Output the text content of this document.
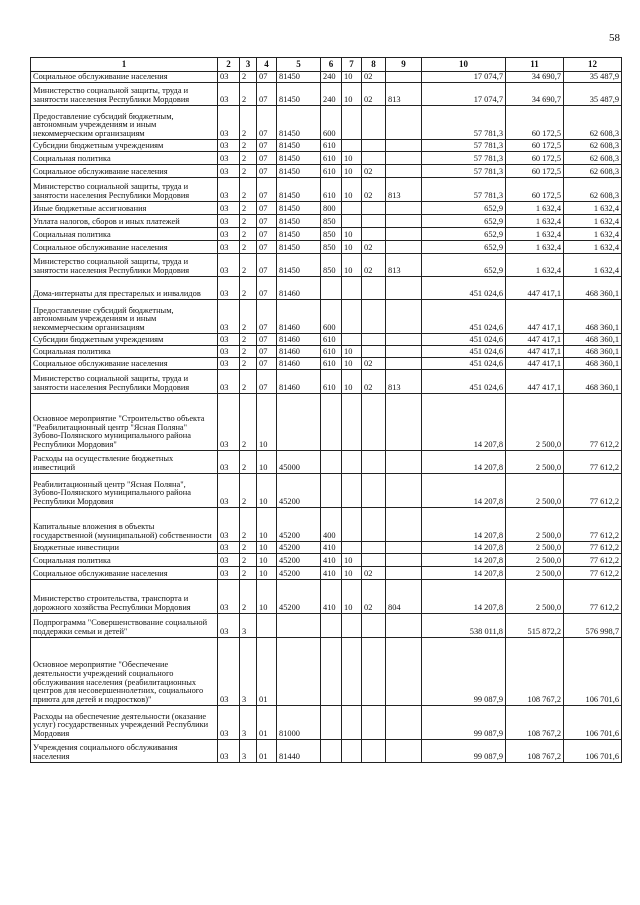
58
1	2	3	4	5	6	7	8	9	10	11	12
Социальное обслуживание населения	03	2	07	81450	240	10	02		17 074,7	34 690,7	35 487,9
Министерство социальной защиты, труда и занятости населения Республики Мордовия	03	2	07	81450	240	10	02	813	17 074,7	34 690,7	35 487,9
Предоставление субсидий бюджетным, автономным учреждениям и иным некоммерческим организациям	03	2	07	81450	600				57 781,3	60 172,5	62 608,3
Субсидии бюджетным учреждениям	03	2	07	81450	610				57 781,3	60 172,5	62 608,3
Социальная политика	03	2	07	81450	610	10			57 781,3	60 172,5	62 608,3
Социальное обслуживание населения	03	2	07	81450	610	10	02		57 781,3	60 172,5	62 608,3
Министерство социальной защиты, труда и занятости населения Республики Мордовия	03	2	07	81450	610	10	02	813	57 781,3	60 172,5	62 608,3
Иные бюджетные ассигнования	03	2	07	81450	800				652,9	1 632,4	1 632,4
Уплата налогов, сборов и иных платежей	03	2	07	81450	850				652,9	1 632,4	1 632,4
Социальная политика	03	2	07	81450	850	10			652,9	1 632,4	1 632,4
Социальное обслуживание населения	03	2	07	81450	850	10	02		652,9	1 632,4	1 632,4
Министерство социальной защиты, труда и занятости населения Республики Мордовия	03	2	07	81450	850	10	02	813	652,9	1 632,4	1 632,4
Дома-интернаты для престарелых и инвалидов	03	2	07	81460					451 024,6	447 417,1	468 360,1
Предоставление субсидий бюджетным, автономным учреждениям и иным некоммерческим организациям	03	2	07	81460	600				451 024,6	447 417,1	468 360,1
Субсидии бюджетным учреждениям	03	2	07	81460	610				451 024,6	447 417,1	468 360,1
Социальная политика	03	2	07	81460	610	10			451 024,6	447 417,1	468 360,1
Социальное обслуживание населения	03	2	07	81460	610	10	02		451 024,6	447 417,1	468 360,1
Министерство социальной защиты, труда и занятости населения Республики Мордовия	03	2	07	81460	610	10	02	813	451 024,6	447 417,1	468 360,1
Основное мероприятие "Строительство объекта "Реабилитационный центр "Ясная Поляна" Зубово-Полянского муниципального района Республики Мордовия"	03	2	10						14 207,8	2 500,0	77 612,2
Расходы на осуществление бюджетных инвестиций	03	2	10	45000					14 207,8	2 500,0	77 612,2
Реабилитационный центр "Ясная Поляна", Зубово-Полянского муниципального района Республики Мордовия	03	2	10	45200					14 207,8	2 500,0	77 612,2
Капитальные вложения в объекты государственной (муниципальной) собственности	03	2	10	45200	400				14 207,8	2 500,0	77 612,2
Бюджетные инвестиции	03	2	10	45200	410				14 207,8	2 500,0	77 612,2
Социальная политика	03	2	10	45200	410	10			14 207,8	2 500,0	77 612,2
Социальное обслуживание населения	03	2	10	45200	410	10	02		14 207,8	2 500,0	77 612,2
Министерство строительства, транспорта и дорожного хозяйства Республики Мордовия	03	2	10	45200	410	10	02	804	14 207,8	2 500,0	77 612,2
Подпрограмма "Совершенствование социальной поддержки семьи и детей"	03	3							538 011,8	515 872,2	576 998,7
Основное мероприятие "Обеспечение деятельности учреждений социального обслуживания населения (реабилитационных центров для несовершеннолетних, социального приюта для детей и подростков)"	03	3	01						99 087,9	108 767,2	106 701,6
Расходы на обеспечение деятельности (оказание услуг) государственных учреждений Республики Мордовия	03	3	01	81000					99 087,9	108 767,2	106 701,6
Учреждения социального обслуживания населения	03	3	01	81440					99 087,9	108 767,2	106 701,6
